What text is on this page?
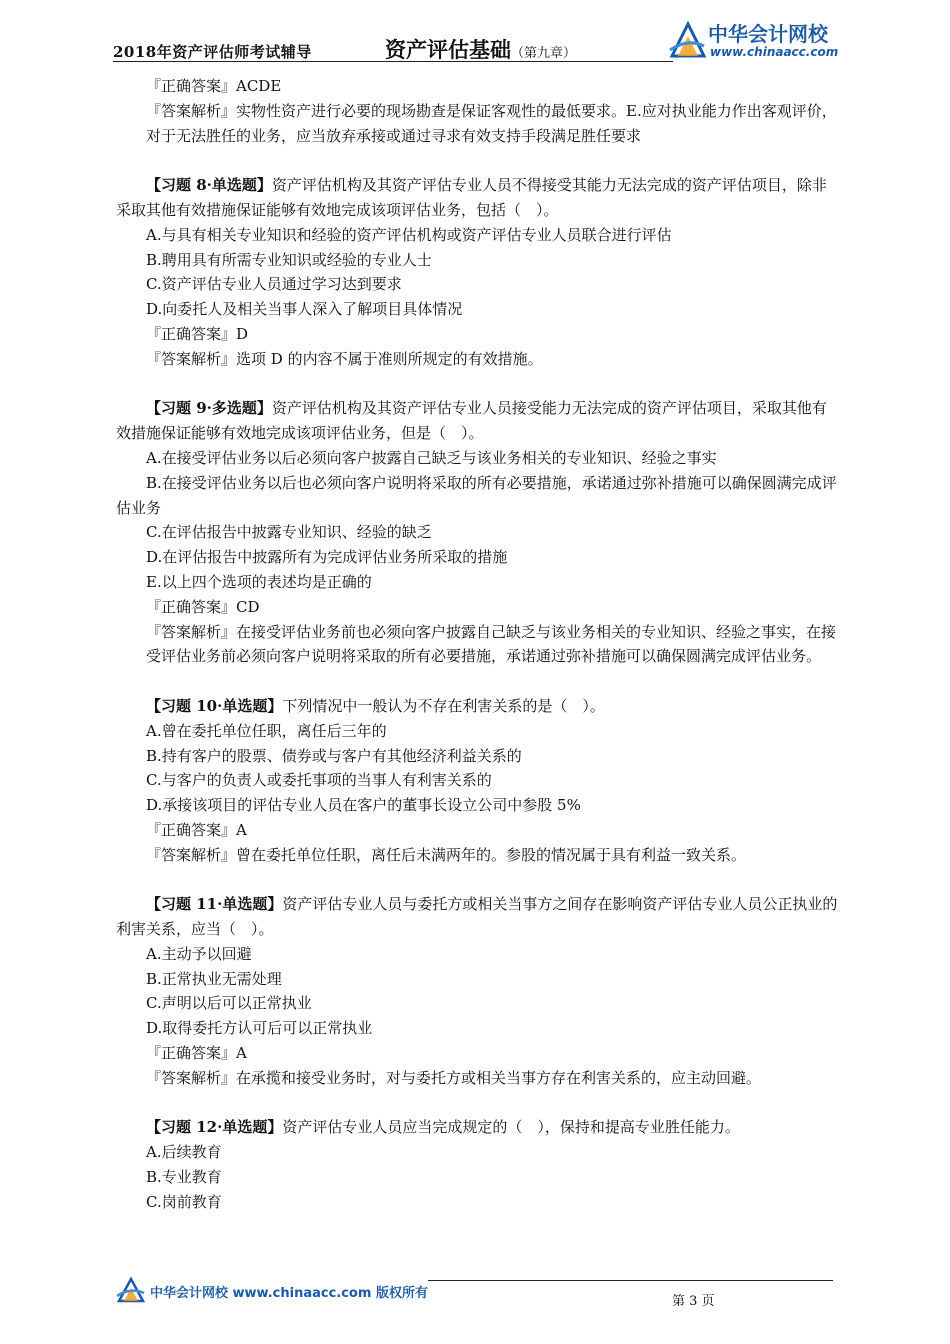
2018年资产评估师考试辅导	资产评估基础（第九章）
中华会计网校
www.chinaacc.com
『正确答案』ACDE
『答案解析』实物性资产进行必要的现场勘查是保证客观性的最低要求。E.应对执业能力作出客观评价，对于无法胜任的业务，应当放弃承接或通过寻求有效支持手段满足胜任要求
【习题 8·单选题】资产评估机构及其资产评估专业人员不得接受其能力无法完成的资产评估项目，除非采取其他有效措施保证能够有效地完成该项评估业务，包括（　）。
A.与具有相关专业知识和经验的资产评估机构或资产评估专业人员联合进行评估
B.聘用具有所需专业知识或经验的专业人士
C.资产评估专业人员通过学习达到要求
D.向委托人及相关当事人深入了解项目具体情况
『正确答案』D
『答案解析』选项 D 的内容不属于准则所规定的有效措施。
【习题 9·多选题】资产评估机构及其资产评估专业人员接受能力无法完成的资产评估项目，采取其他有效措施保证能够有效地完成该项评估业务，但是（　）。
A.在接受评估业务以后必须向客户披露自己缺乏与该业务相关的专业知识、经验之事实
B.在接受评估业务以后也必须向客户说明将采取的所有必要措施，承诺通过弥补措施可以确保圆满完成评估业务
C.在评估报告中披露专业知识、经验的缺乏
D.在评估报告中披露所有为完成评估业务所采取的措施
E.以上四个选项的表述均是正确的
『正确答案』CD
『答案解析』在接受评估业务前也必须向客户披露自己缺乏与该业务相关的专业知识、经验之事实，在接受评估业务前必须向客户说明将采取的所有必要措施，承诺通过弥补措施可以确保圆满完成评估业务。
【习题 10·单选题】下列情况中一般认为不存在利害关系的是（　）。
A.曾在委托单位任职，离任后三年的
B.持有客户的股票、债券或与客户有其他经济利益关系的
C.与客户的负责人或委托事项的当事人有利害关系的
D.承接该项目的评估专业人员在客户的董事长设立公司中参股 5%
『正确答案』A
『答案解析』曾在委托单位任职，离任后未满两年的。参股的情况属于具有利益一致关系。
【习题 11·单选题】资产评估专业人员与委托方或相关当事方之间存在影响资产评估专业人员公正执业的利害关系，应当（　）。
A.主动予以回避
B.正常执业无需处理
C.声明以后可以正常执业
D.取得委托方认可后可以正常执业
『正确答案』A
『答案解析』在承揽和接受业务时，对与委托方或相关当事方存在利害关系的，应主动回避。
【习题 12·单选题】资产评估专业人员应当完成规定的（　），保持和提高专业胜任能力。
A.后续教育
B.专业教育
C.岗前教育
中华会计网校 www.chinaacc.com 版权所有
第 3 页
